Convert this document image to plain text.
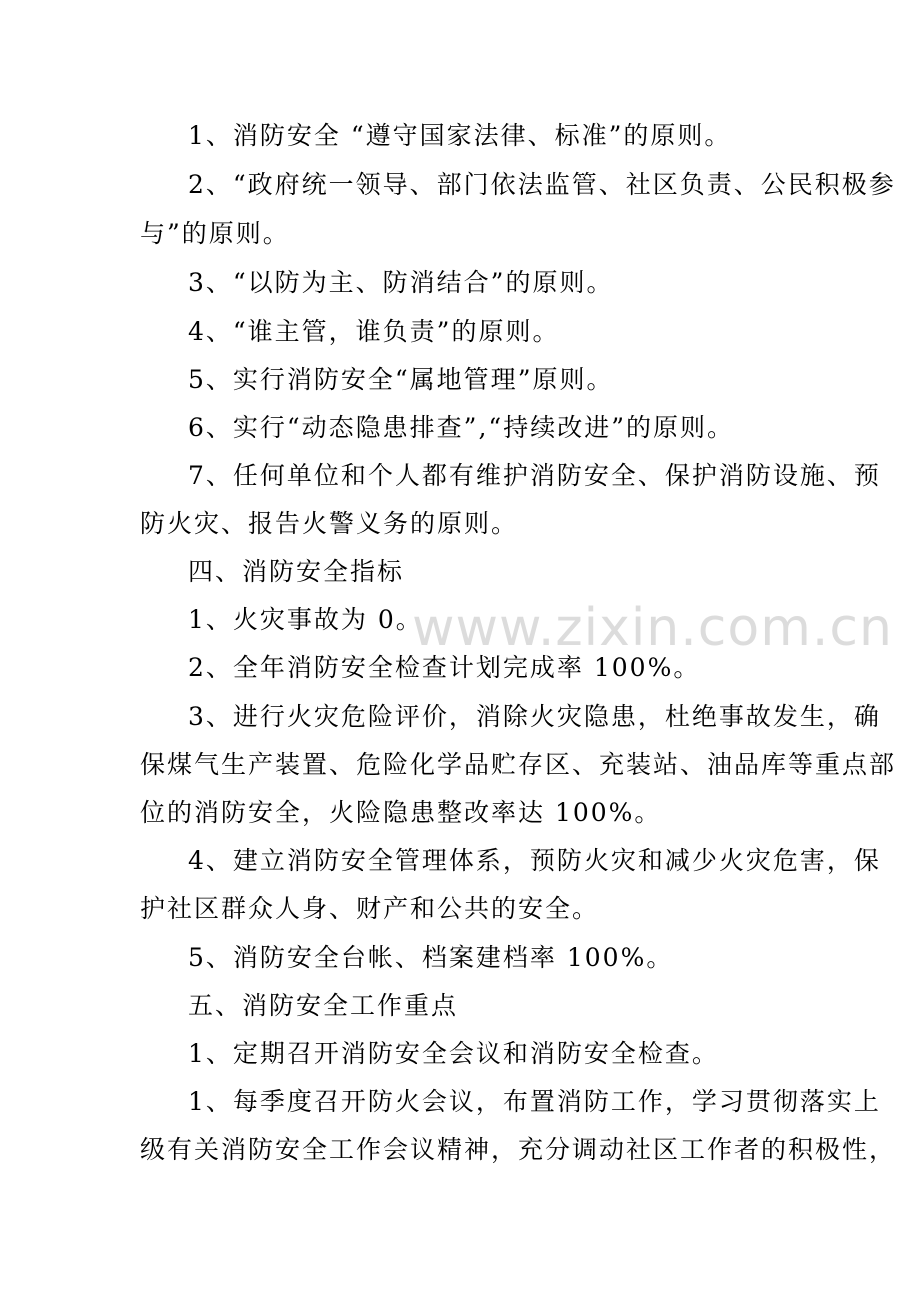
www.zixin.com.cn
1、消防安全 “遵守国家法律、标准”的原则。
2、“政府统一领导、部门依法监管、社区负责、公民积极参
与”的原则。
3、“以防为主、防消结合”的原则。
4、“谁主管，谁负责”的原则。
5、实行消防安全“属地管理”原则。
6、实行“动态隐患排查”,“持续改进”的原则。
7、任何单位和个人都有维护消防安全、保护消防设施、预
防火灾、报告火警义务的原则。
四、消防安全指标
1、火灾事故为 0。
2、全年消防安全检查计划完成率 100%。
3、进行火灾危险评价，消除火灾隐患，杜绝事故发生，确
保煤气生产装置、危险化学品贮存区、充装站、油品库等重点部
位的消防安全，火险隐患整改率达 100%。
4、建立消防安全管理体系，预防火灾和减少火灾危害，保
护社区群众人身、财产和公共的安全。
5、消防安全台帐、档案建档率 100%。
五、消防安全工作重点
1、定期召开消防安全会议和消防安全检查。
1、每季度召开防火会议，布置消防工作，学习贯彻落实上
级有关消防安全工作会议精神，充分调动社区工作者的积极性，
